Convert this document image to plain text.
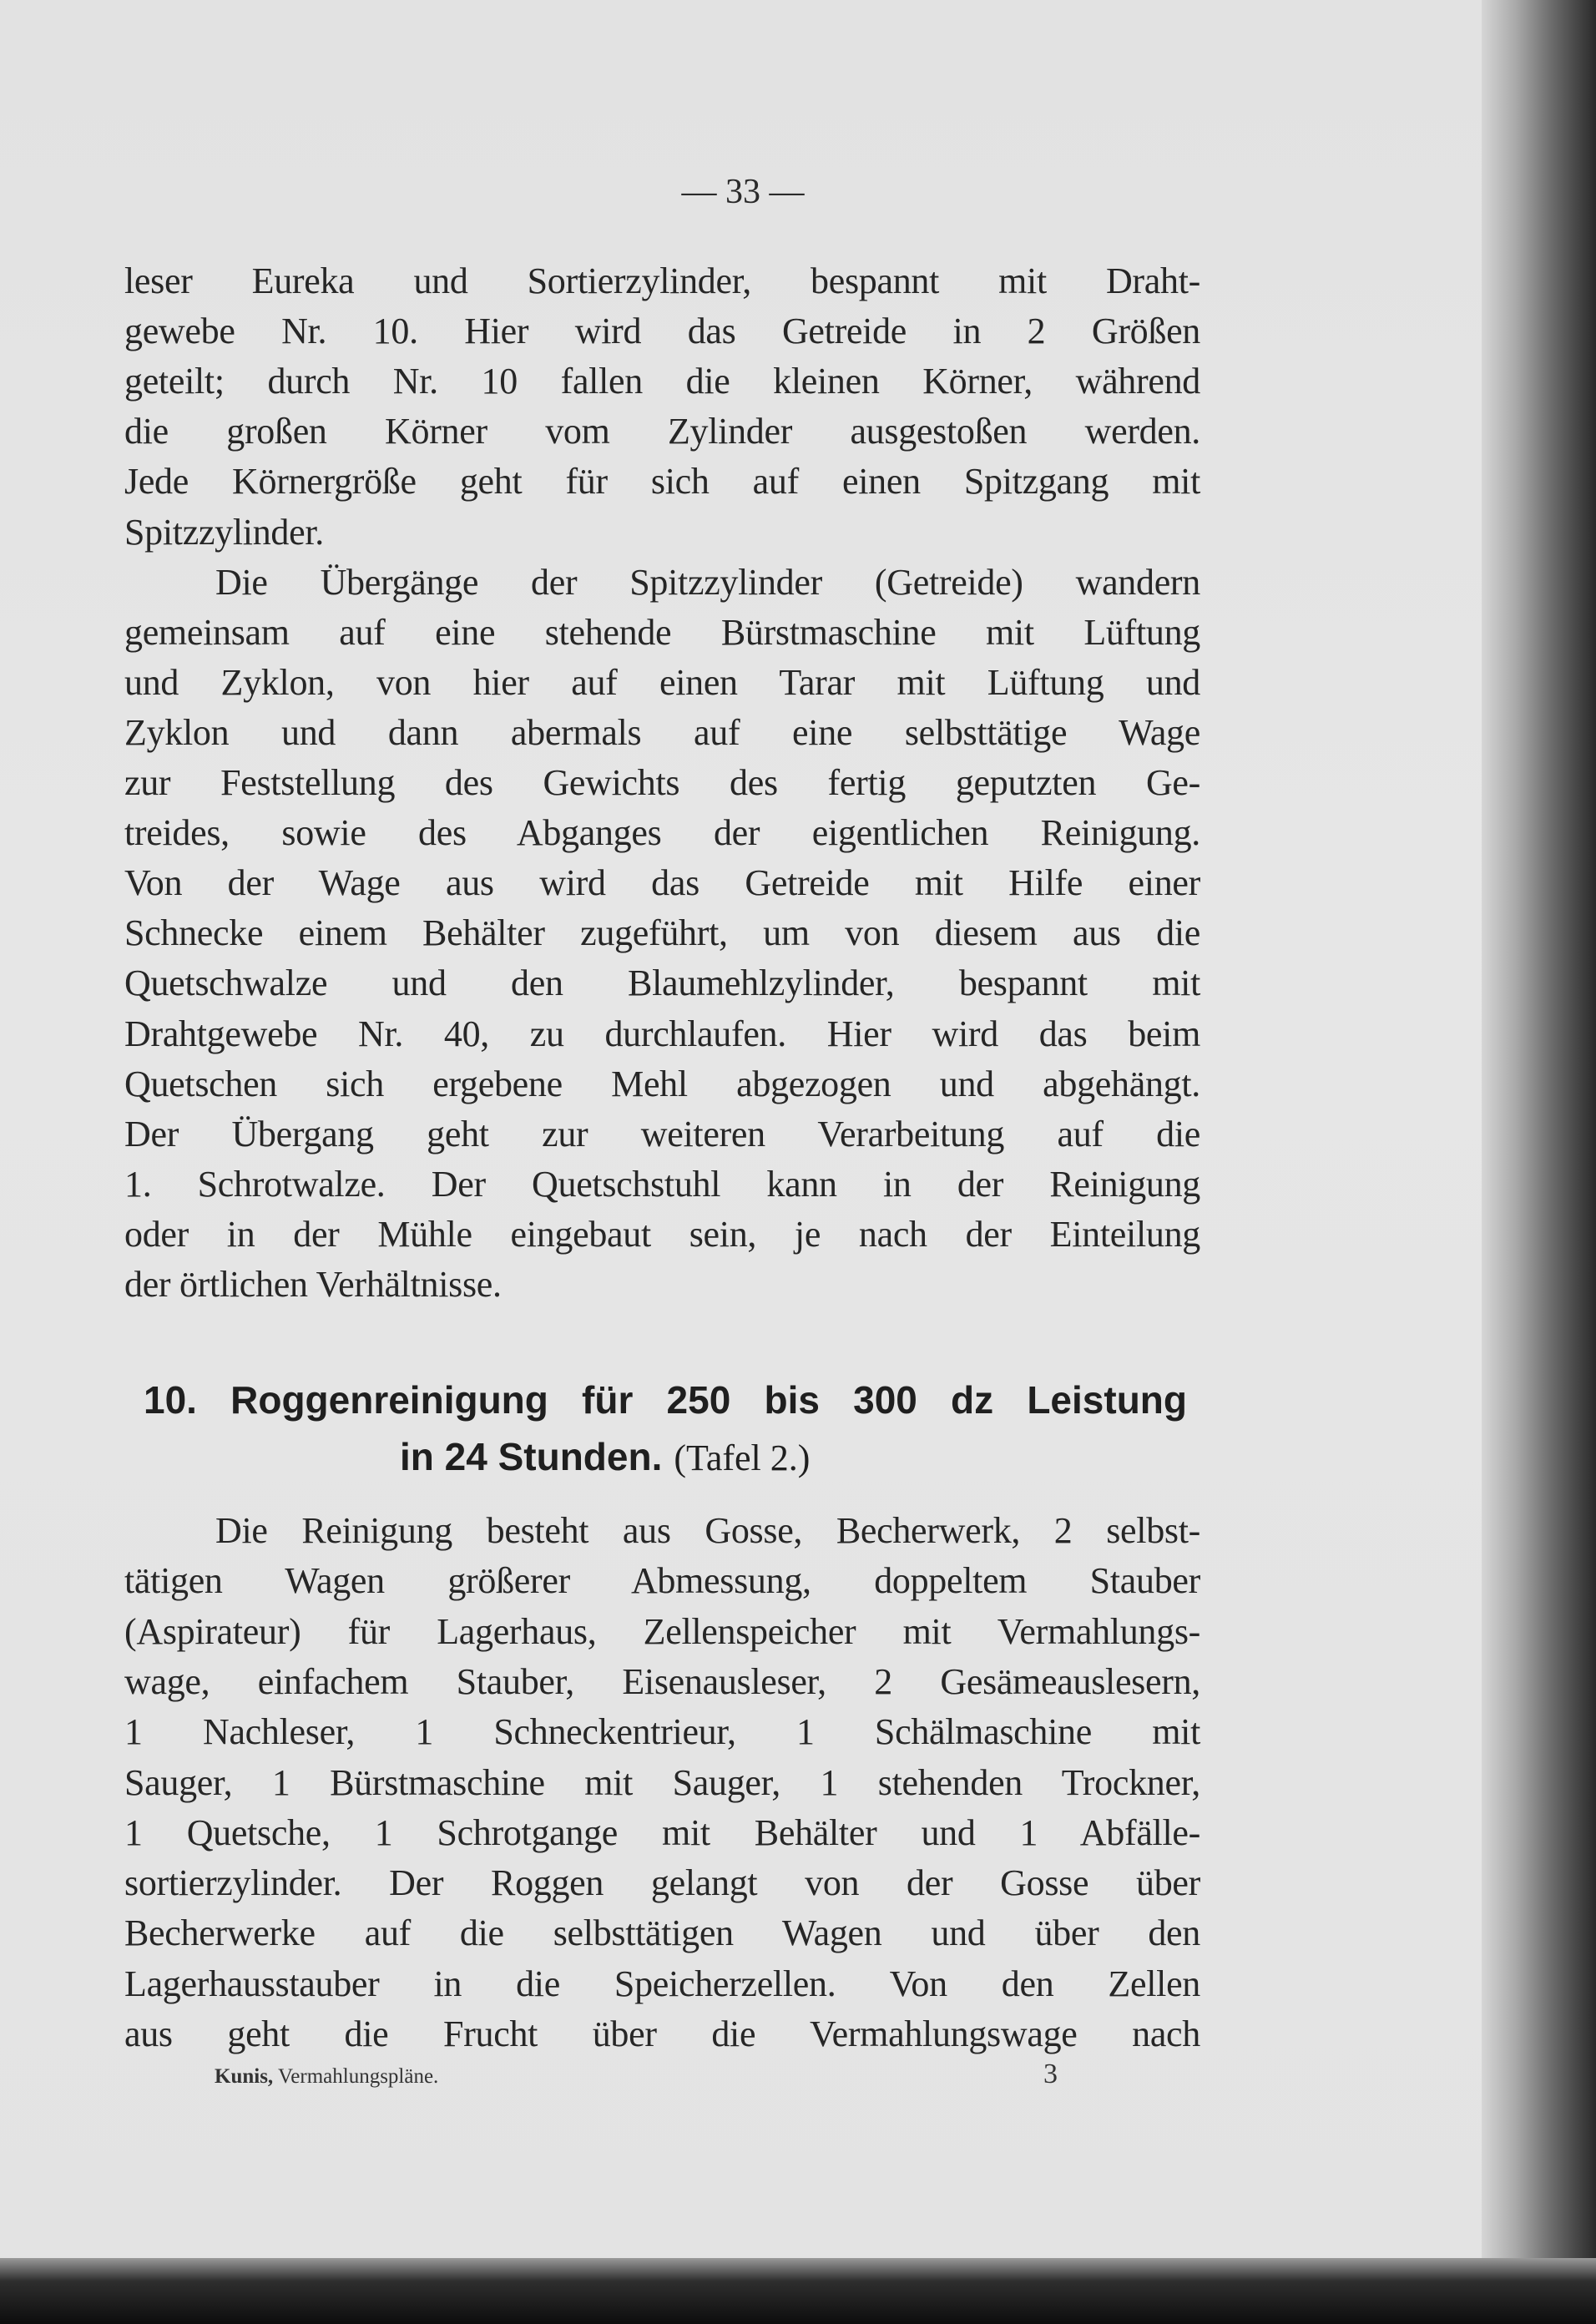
— 33 —
leser Eureka und Sortierzylinder, bespannt mit Draht-
gewebe Nr. 10. Hier wird das Getreide in 2 Größen
geteilt; durch Nr. 10 fallen die kleinen Körner, während
die großen Körner vom Zylinder ausgestoßen werden.
Jede Körnergröße geht für sich auf einen Spitzgang mit
Spitzzylinder.
Die Übergänge der Spitzzylinder (Getreide) wandern
gemeinsam auf eine stehende Bürstmaschine mit Lüftung
und Zyklon, von hier auf einen Tarar mit Lüftung und
Zyklon und dann abermals auf eine selbsttätige Wage
zur Feststellung des Gewichts des fertig geputzten Ge-
treides, sowie des Abganges der eigentlichen Reinigung.
Von der Wage aus wird das Getreide mit Hilfe einer
Schnecke einem Behälter zugeführt, um von diesem aus die
Quetschwalze und den Blaumehlzylinder, bespannt mit
Drahtgewebe Nr. 40, zu durchlaufen. Hier wird das beim
Quetschen sich ergebene Mehl abgezogen und abgehängt.
Der Übergang geht zur weiteren Verarbeitung auf die
1. Schrotwalze. Der Quetschstuhl kann in der Reinigung
oder in der Mühle eingebaut sein, je nach der Einteilung
der örtlichen Verhältnisse.
Die Reinigung besteht aus Gosse, Becherwerk, 2 selbst-
tätigen Wagen größerer Abmessung, doppeltem Stauber
(Aspirateur) für Lagerhaus, Zellenspeicher mit Vermahlungs-
wage, einfachem Stauber, Eisenausleser, 2 Gesämeauslesern,
1 Nachleser, 1 Schneckentrieur, 1 Schälmaschine mit
Sauger, 1 Bürstmaschine mit Sauger, 1 stehenden Trockner,
1 Quetsche, 1 Schrotgange mit Behälter und 1 Abfälle-
sortierzylinder. Der Roggen gelangt von der Gosse über
Becherwerke auf die selbsttätigen Wagen und über den
Lagerhausstauber in die Speicherzellen. Von den Zellen
aus geht die Frucht über die Vermahlungswage nach
10. Roggenreinigung für 250 bis 300 dz Leistung
in 24 Stunden. (Tafel 2.)
Kunis, Vermahlungspläne.	3
